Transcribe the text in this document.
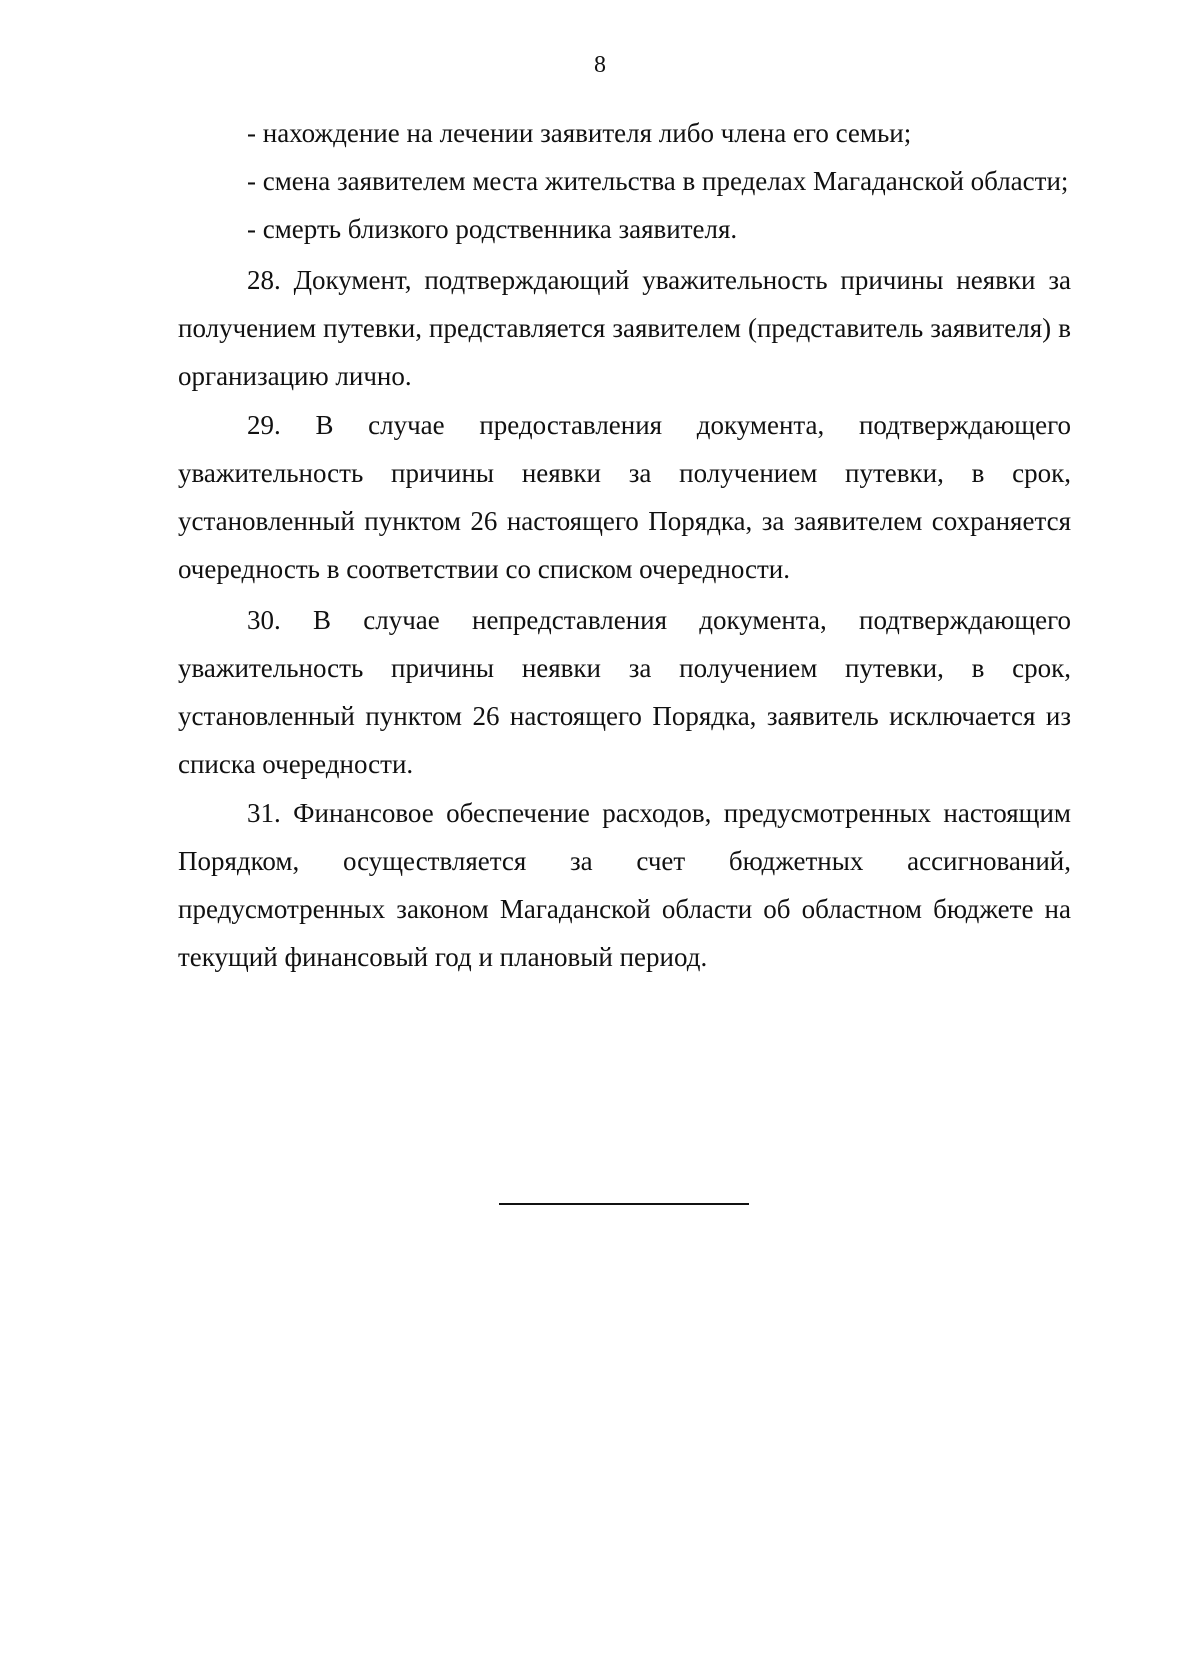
8

- нахождение на лечении заявителя либо члена его семьи;

- смена заявителем места жительства в пределах Магаданской области;

- смерть близкого родственника заявителя.

28. Документ, подтверждающий уважительность причины неявки за получением путевки, представляется заявителем (представитель заявителя) в организацию лично.

29. В случае предоставления документа, подтверждающего уважительность причины неявки за получением путевки, в срок, установленный пунктом 26 настоящего Порядка, за заявителем сохраняется очередность в соответствии со списком очередности.

30. В случае непредставления документа, подтверждающего уважительность причины неявки за получением путевки, в срок, установленный пунктом 26 настоящего Порядка, заявитель исключается из списка очередности.

31. Финансовое обеспечение расходов, предусмотренных настоящим Порядком, осуществляется за счет бюджетных ассигнований, предусмотренных законом Магаданской области об областном бюджете на текущий финансовый год и плановый период.
